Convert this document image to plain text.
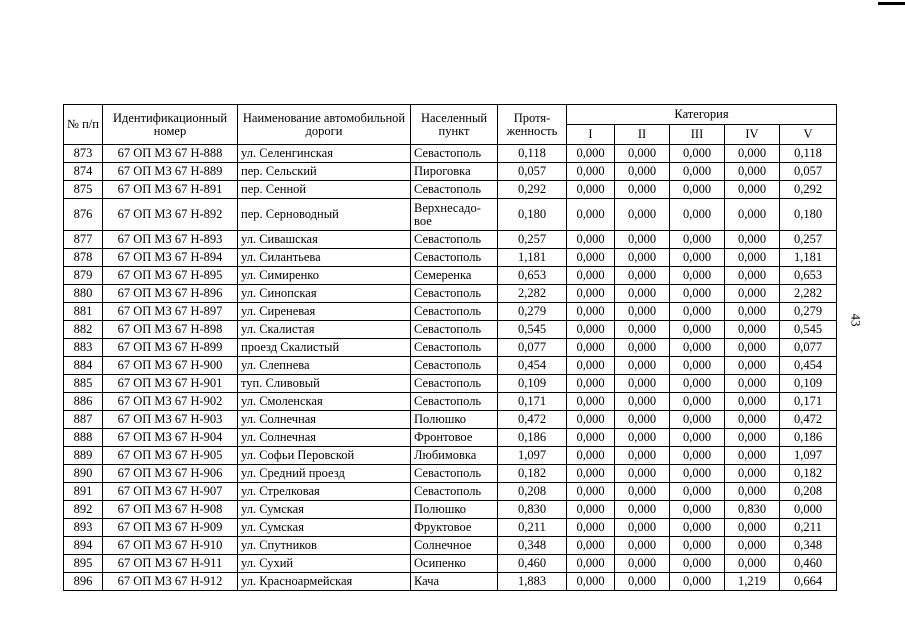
43
№ п/п	Идентификационный номер	Наименование автомобильной дороги	Населенный пункт	Протя-женность	Категория				
					I	II	III	IV	V
873	67 ОП МЗ 67 Н-888	ул. Селенгинская	Севастополь	0,118	0,000	0,000	0,000	0,000	0,118
874	67 ОП МЗ 67 Н-889	пер. Сельский	Пироговка	0,057	0,000	0,000	0,000	0,000	0,057
875	67 ОП МЗ 67 Н-891	пер. Сенной	Севастополь	0,292	0,000	0,000	0,000	0,000	0,292
876	67 ОП МЗ 67 Н-892	пер. Серноводный	Верхнесадо-вое	0,180	0,000	0,000	0,000	0,000	0,180
877	67 ОП МЗ 67 Н-893	ул. Сивашская	Севастополь	0,257	0,000	0,000	0,000	0,000	0,257
878	67 ОП МЗ 67 Н-894	ул. Силантьева	Севастополь	1,181	0,000	0,000	0,000	0,000	1,181
879	67 ОП МЗ 67 Н-895	ул. Симиренко	Семеренка	0,653	0,000	0,000	0,000	0,000	0,653
880	67 ОП МЗ 67 Н-896	ул. Синопская	Севастополь	2,282	0,000	0,000	0,000	0,000	2,282
881	67 ОП МЗ 67 Н-897	ул. Сиреневая	Севастополь	0,279	0,000	0,000	0,000	0,000	0,279
882	67 ОП МЗ 67 Н-898	ул. Скалистая	Севастополь	0,545	0,000	0,000	0,000	0,000	0,545
883	67 ОП МЗ 67 Н-899	проезд Скалистый	Севастополь	0,077	0,000	0,000	0,000	0,000	0,077
884	67 ОП МЗ 67 Н-900	ул. Слепнева	Севастополь	0,454	0,000	0,000	0,000	0,000	0,454
885	67 ОП МЗ 67 Н-901	туп. Сливовый	Севастополь	0,109	0,000	0,000	0,000	0,000	0,109
886	67 ОП МЗ 67 Н-902	ул. Смоленская	Севастополь	0,171	0,000	0,000	0,000	0,000	0,171
887	67 ОП МЗ 67 Н-903	ул. Солнечная	Полюшко	0,472	0,000	0,000	0,000	0,000	0,472
888	67 ОП МЗ 67 Н-904	ул. Солнечная	Фронтовое	0,186	0,000	0,000	0,000	0,000	0,186
889	67 ОП МЗ 67 Н-905	ул. Софьи Перовской	Любимовка	1,097	0,000	0,000	0,000	0,000	1,097
890	67 ОП МЗ 67 Н-906	ул. Средний проезд	Севастополь	0,182	0,000	0,000	0,000	0,000	0,182
891	67 ОП МЗ 67 Н-907	ул. Стрелковая	Севастополь	0,208	0,000	0,000	0,000	0,000	0,208
892	67 ОП МЗ 67 Н-908	ул. Сумская	Полюшко	0,830	0,000	0,000	0,000	0,830	0,000
893	67 ОП МЗ 67 Н-909	ул. Сумская	Фруктовое	0,211	0,000	0,000	0,000	0,000	0,211
894	67 ОП МЗ 67 Н-910	ул. Спутников	Солнечное	0,348	0,000	0,000	0,000	0,000	0,348
895	67 ОП МЗ 67 Н-911	ул. Сухий	Осипенко	0,460	0,000	0,000	0,000	0,000	0,460
896	67 ОП МЗ 67 Н-912	ул. Красноармейская	Кача	1,883	0,000	0,000	0,000	1,219	0,664
